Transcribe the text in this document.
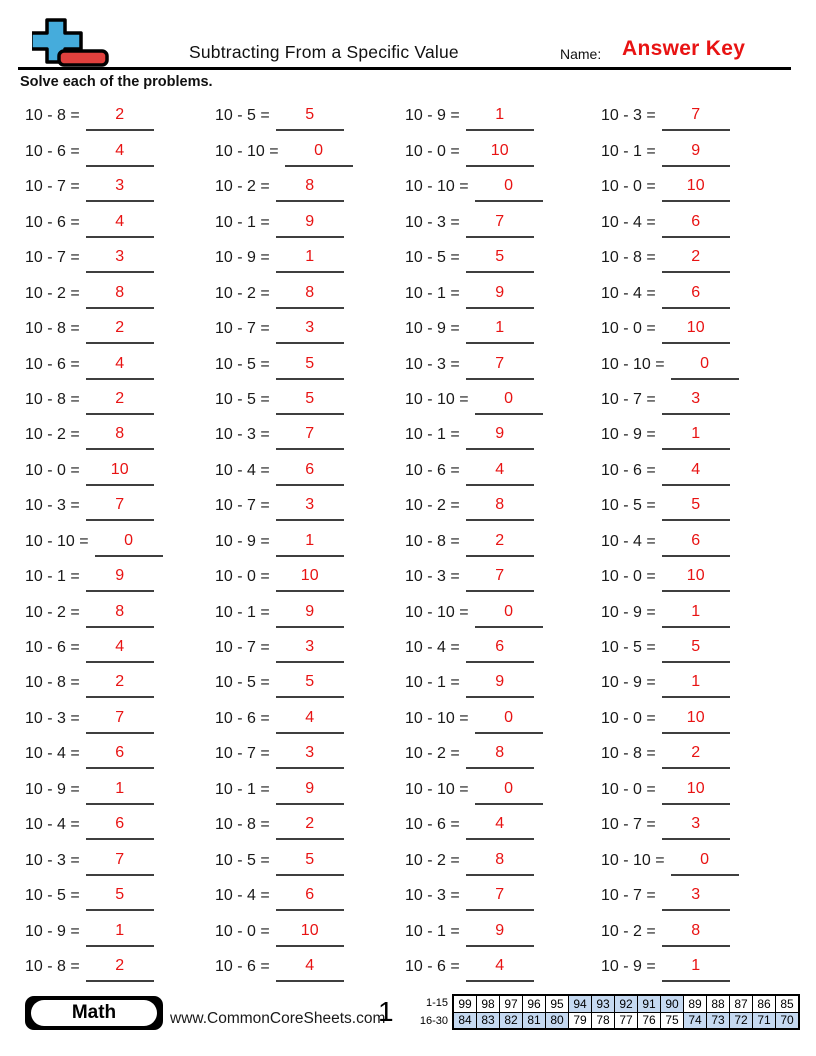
Subtracting From a Specific Value	Name: Answer Key
Solve each of the problems.
10 - 8 =	2	10 - 5 =	5	10 - 9 =	1	10 - 3 =	7
10 - 6 =	4	10 - 10 =	0	10 - 0 =	10	10 - 1 =	9
10 - 7 =	3	10 - 2 =	8	10 - 10 =	0	10 - 0 =	10
10 - 6 =	4	10 - 1 =	9	10 - 3 =	7	10 - 4 =	6
10 - 7 =	3	10 - 9 =	1	10 - 5 =	5	10 - 8 =	2
10 - 2 =	8	10 - 2 =	8	10 - 1 =	9	10 - 4 =	6
10 - 8 =	2	10 - 7 =	3	10 - 9 =	1	10 - 0 =	10
10 - 6 =	4	10 - 5 =	5	10 - 3 =	7	10 - 10 =	0
10 - 8 =	2	10 - 5 =	5	10 - 10 =	0	10 - 7 =	3
10 - 2 =	8	10 - 3 =	7	10 - 1 =	9	10 - 9 =	1
10 - 0 =	10	10 - 4 =	6	10 - 6 =	4	10 - 6 =	4
10 - 3 =	7	10 - 7 =	3	10 - 2 =	8	10 - 5 =	5
10 - 10 =	0	10 - 9 =	1	10 - 8 =	2	10 - 4 =	6
10 - 1 =	9	10 - 0 =	10	10 - 3 =	7	10 - 0 =	10
10 - 2 =	8	10 - 1 =	9	10 - 10 =	0	10 - 9 =	1
10 - 6 =	4	10 - 7 =	3	10 - 4 =	6	10 - 5 =	5
10 - 8 =	2	10 - 5 =	5	10 - 1 =	9	10 - 9 =	1
10 - 3 =	7	10 - 6 =	4	10 - 10 =	0	10 - 0 =	10
10 - 4 =	6	10 - 7 =	3	10 - 2 =	8	10 - 8 =	2
10 - 9 =	1	10 - 1 =	9	10 - 10 =	0	10 - 0 =	10
10 - 4 =	6	10 - 8 =	2	10 - 6 =	4	10 - 7 =	3
10 - 3 =	7	10 - 5 =	5	10 - 2 =	8	10 - 10 =	0
10 - 5 =	5	10 - 4 =	6	10 - 3 =	7	10 - 7 =	3
10 - 9 =	1	10 - 0 =	10	10 - 1 =	9	10 - 2 =	8
10 - 8 =	2	10 - 6 =	4	10 - 6 =	4	10 - 9 =	1
Math	www.CommonCoreSheets.com
1	1-15
16-30
99	98	97	96	95	94	93	92	91	90	89	88	87	86	85
84	83	82	81	80	79	78	77	76	75	74	73	72	71	70
